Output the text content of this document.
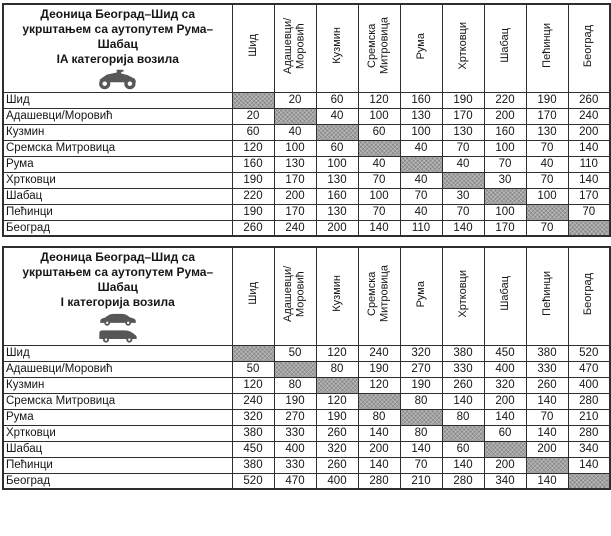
Деоница Београд–Шид са
укрштањем са аутопутем Рума–
Шабац
IA категорија возила	Шид	Адашевци/​Моровић	Кузмин	Сремска Митровица	Рума	Хртковци	Шабац	Пећинци	Београд
Шид		20	60	120	160	190	220	190	260
Адашевци/Моровић	20		40	100	130	170	200	170	240
Кузмин	60	40		60	100	130	160	130	200
Сремска Митровица	120	100	60		40	70	100	70	140
Рума	160	130	100	40		40	70	40	110
Хртковци	190	170	130	70	40		30	70	140
Шабац	220	200	160	100	70	30		100	170
Пећинци	190	170	130	70	40	70	100		70
Београд	260	240	200	140	110	140	170	70	
Деоница Београд–Шид са
укрштањем са аутопутем Рума–
Шабац
I категорија возила	Шид	Адашевци/​Моровић	Кузмин	Сремска Митровица	Рума	Хртковци	Шабац	Пећинци	Београд
Шид		50	120	240	320	380	450	380	520
Адашевци/Моровић	50		80	190	270	330	400	330	470
Кузмин	120	80		120	190	260	320	260	400
Сремска Митровица	240	190	120		80	140	200	140	280
Рума	320	270	190	80		80	140	70	210
Хртковци	380	330	260	140	80		60	140	280
Шабац	450	400	320	200	140	60		200	340
Пећинци	380	330	260	140	70	140	200		140
Београд	520	470	400	280	210	280	340	140	
